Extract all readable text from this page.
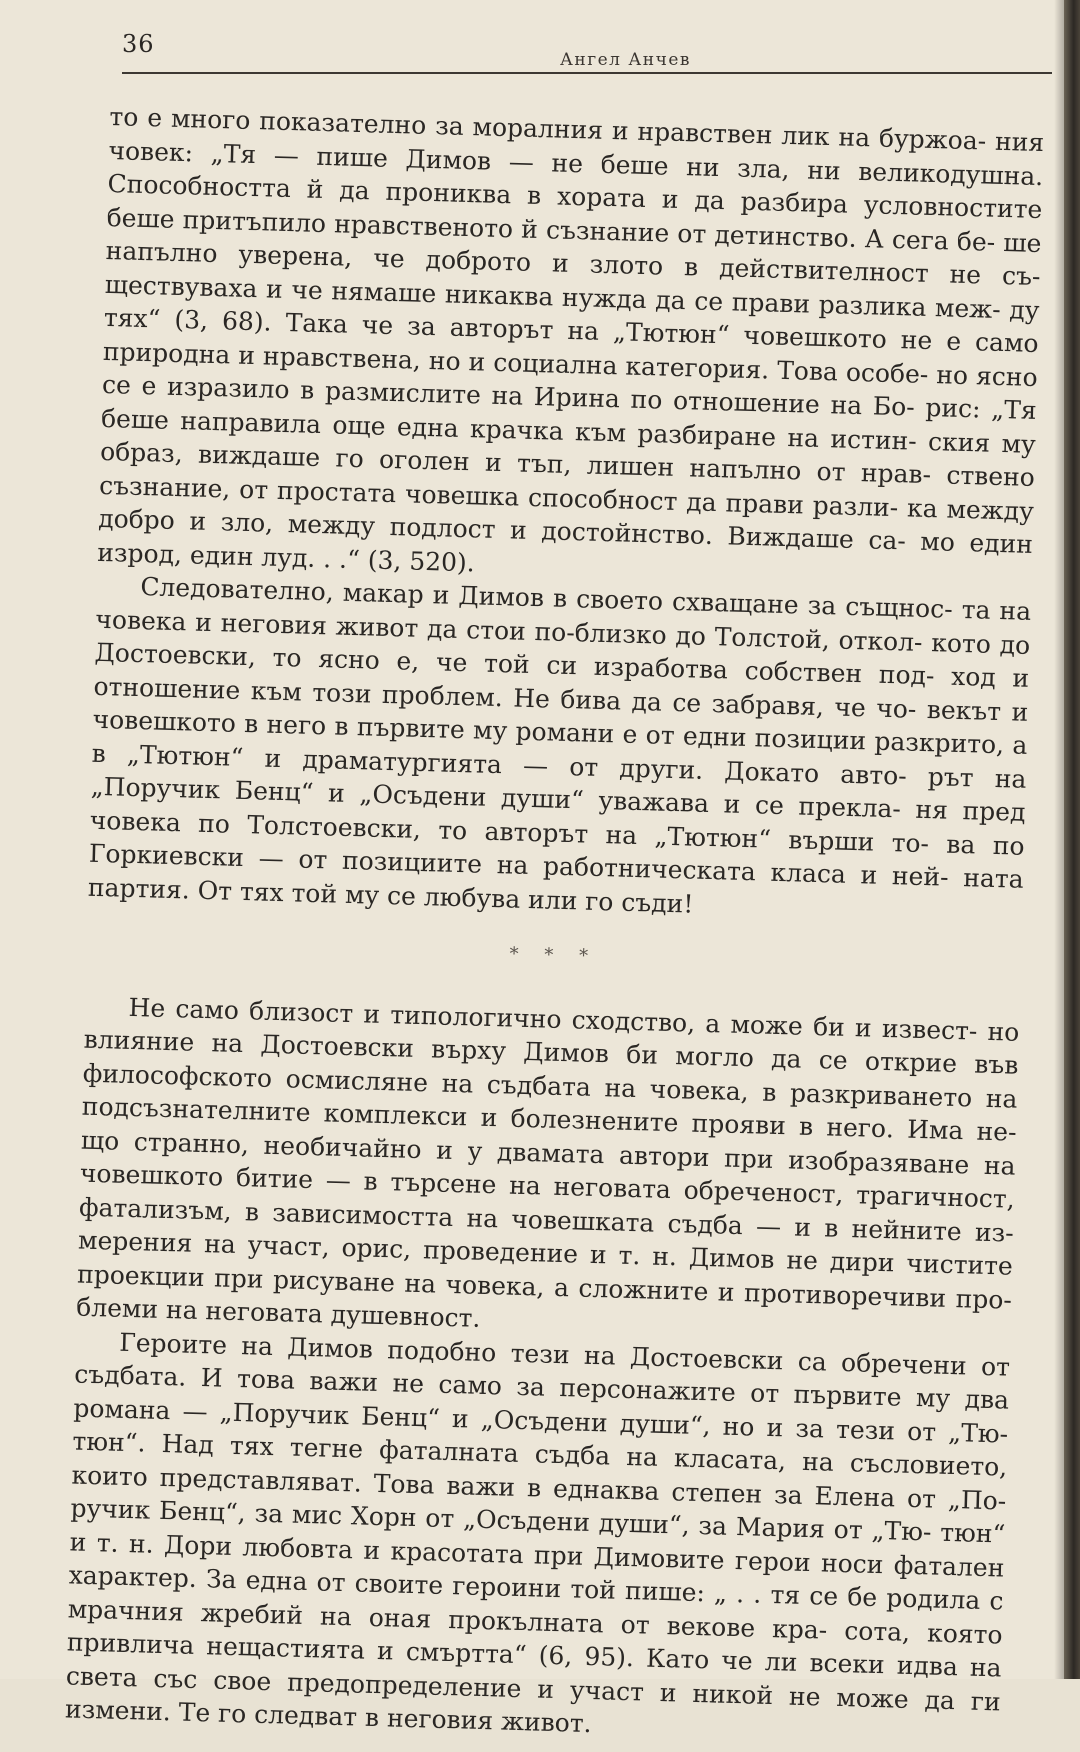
36
Ангел Анчев

то е много показателно за моралния и нравствен лик на буржоа- ния човек: „Тя — пише Димов — не беше ни зла, ни великодушна. Способността й да прониква в хората и да разбира условностите беше притъпило нравственото й съзнание от детинство. А сега бе- ше напълно уверена, че доброто и злото в действителност не съ- ществуваха и че нямаше никаква нужда да се прави разлика меж- ду тях“ (3, 68). Така че за авторът на „Тютюн“ човешкото не е само природна и нравствена, но и социална категория. Това особе- но ясно се е изразило в размислите на Ирина по отношение на Бо- рис: „Тя беше направила още една крачка към разбиране на истин- ския му образ, виждаше го оголен и тъп, лишен напълно от нрав- ствено съзнание, от простата човешка способност да прави разли- ка между добро и зло, между подлост и достойнство. Виждаше са- мо един изрод, един луд. . .“ (3, 520).

Следователно, макар и Димов в своето схващане за същнос- та на човека и неговия живот да стои по-близко до Толстой, откол- кото до Достоевски, то ясно е, че той си изработва собствен под- ход и отношение към този проблем. Не бива да се забравя, че чо- векът и човешкото в него в първите му романи е от едни позиции разкрито, а в „Тютюн“ и драматургията — от други. Докато авто- рът на „Поручик Бенц“ и „Осъдени души“ уважава и се прекла- ня пред човека по Толстоевски, то авторът на „Тютюн“ върши то- ва по Горкиевски — от позициите на работническата класа и ней- ната партия. От тях той му се любува или го съди!

* * *

Не само близост и типологично сходство, а може би и извест- но влияние на Достоевски върху Димов би могло да се открие във философското осмисляне на съдбата на човека, в разкриването на подсъзнателните комплекси и болезнените прояви в него. Има не- що странно, необичайно и у двамата автори при изобразяване на човешкото битие — в търсене на неговата обреченост, трагичност, фатализъм, в зависимостта на човешката съдба — и в нейните из- мерения на участ, орис, проведение и т. н. Димов не дири чистите проекции при рисуване на човека, а сложните и противоречиви про- блеми на неговата душевност.

Героите на Димов подобно тези на Достоевски са обречени от съдбата. И това важи не само за персонажите от първите му два романа — „Поручик Бенц“ и „Осъдени души“, но и за тези от „Тю- тюн“. Над тях тегне фаталната съдба на класата, на съсловието, които представляват. Това важи в еднаква степен за Елена от „По- ручик Бенц“, за мис Хорн от „Осъдени души“, за Мария от „Тю- тюн“ и т. н. Дори любовта и красотата при Димовите герои носи фатален характер. За една от своите героини той пише: „ . . тя се бе родила с мрачния жребий на оная прокълната от векове кра- сота, която привлича нещастията и смъртта“ (6, 95). Като че ли всеки идва на света със свое предопределение и участ и никой не може да ги измени. Те го следват в неговия живот.
